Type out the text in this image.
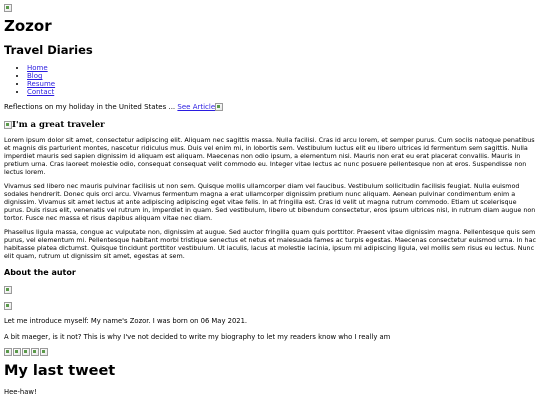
Zozor
Travel Diaries
• Home
• Blog
• Resume
• Contact
Reflections on my holiday in the United States ... See Article
I'm a great traveler

Lorem ipsum dolor sit amet, consectetur adipiscing elit. Aliquam nec sagittis massa. Nulla facilisi. Cras id arcu lorem, et semper purus. Cum sociis natoque penatibus et magnis dis parturient montes, nascetur ridiculus mus. Duis vel enim mi, in lobortis sem. Vestibulum luctus elit eu libero ultrices id fermentum sem sagittis. Nulla imperdiet mauris sed sapien dignissim id aliquam est aliquam. Maecenas non odio ipsum, a elementum nisi. Mauris non erat eu erat placerat convallis. Mauris in pretium urna. Cras laoreet molestie odio, consequat consequat velit commodo eu. Integer vitae lectus ac nunc posuere pellentesque non at eros. Suspendisse non lectus lorem.

Vivamus sed libero nec mauris pulvinar facilisis ut non sem. Quisque mollis ullamcorper diam vel faucibus. Vestibulum sollicitudin facilisis feugiat. Nulla euismod sodales hendrerit. Donec quis orci arcu. Vivamus fermentum magna a erat ullamcorper dignissim pretium nunc aliquam. Aenean pulvinar condimentum enim a dignissim. Vivamus sit amet lectus at ante adipiscing adipiscing eget vitae felis. In at fringilla est. Cras id velit ut magna rutrum commodo. Etiam ut scelerisque purus. Duis risus elit, venenatis vel rutrum in, imperdiet in quam. Sed vestibulum, libero ut bibendum consectetur, eros ipsum ultrices nisl, in rutrum diam augue non tortor. Fusce nec massa et risus dapibus aliquam vitae nec diam.

Phasellus ligula massa, congue ac vulputate non, dignissim at augue. Sed auctor fringilla quam quis porttitor. Praesent vitae dignissim magna. Pellentesque quis sem purus, vel elementum mi. Pellentesque habitant morbi tristique senectus et netus et malesuada fames ac turpis egestas. Maecenas consectetur euismod urna. In hac habitasse platea dictumst. Quisque tincidunt porttitor vestibulum. Ut iaculis, lacus at molestie lacinia, ipsum mi adipiscing ligula, vel mollis sem risus eu lectus. Nunc elit quam, rutrum ut dignissim sit amet, egestas at sem.

About the autor
Let me introduce myself: My name's Zozor. I was born on 06 May 2021.
A bit maeger, is it not? This is why I've not decided to write my biography to let my readers know who I really am
My last tweet
Hee-haw!
